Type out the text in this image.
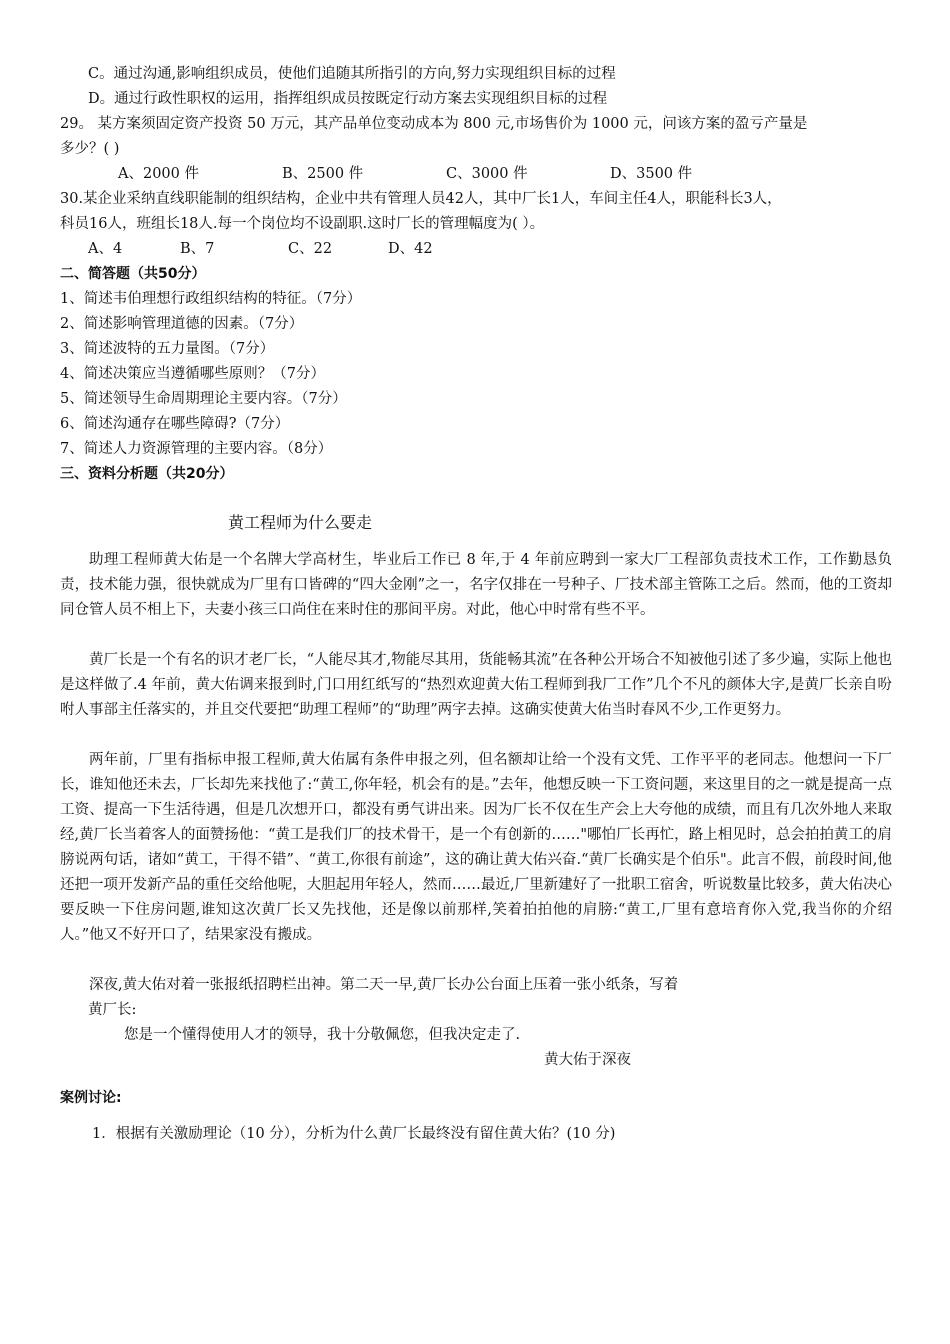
C。通过沟通,影响组织成员，使他们追随其所指引的方向,努力实现组织目标的过程
D。通过行政性职权的运用，指挥组织成员按既定行动方案去实现组织目标的过程
29。 某方案须固定资产投资 50 万元，其产品单位变动成本为 800 元,市场售价为 1000 元，问该方案的盈亏产量是
多少？( )
A、2000 件	B、2500 件	C、3000 件	D、3500 件
30.某企业采纳直线职能制的组织结构，企业中共有管理人员42人，其中厂长1人，车间主任4人，职能科长3人，
科员16人，班组长18人.每一个岗位均不设副职.这时厂长的管理幅度为( ）。
A、4	B、7	C、22	D、42
二、简答题（共50分）
1、简述韦伯理想行政组织结构的特征。（7分）
2、简述影响管理道德的因素。（7分）
3、简述波特的五力量图。（7分）
4、简述决策应当遵循哪些原则？（7分）
5、简述领导生命周期理论主要内容。（7分）
6、简述沟通存在哪些障碍?（7分）
7、简述人力资源管理的主要内容。（8分）
三、资料分析题（共20分）
黄工程师为什么要走
助理工程师黄大佑是一个名牌大学高材生，毕业后工作已 8 年,于 4 年前应聘到一家大厂工程部负责技术工作，工作勤恳负责，技术能力强，很快就成为厂里有口皆碑的“四大金刚”之一，名字仅排在一号种子、厂技术部主管陈工之后。然而，他的工资却同仓管人员不相上下，夫妻小孩三口尚住在来时住的那间平房。对此，他心中时常有些不平。
黄厂长是一个有名的识才老厂长，“人能尽其才,物能尽其用，货能畅其流”在各种公开场合不知被他引述了多少遍，实际上他也是这样做了.4 年前，黄大佑调来报到时,门口用红纸写的“热烈欢迎黄大佑工程师到我厂工作”几个不凡的颜体大字,是黄厂长亲自吩咐人事部主任落实的，并且交代要把“助理工程师”的“助理”两字去掉。这确实使黄大佑当时春风不少,工作更努力。
两年前，厂里有指标申报工程师,黄大佑属有条件申报之列，但名额却让给一个没有文凭、工作平平的老同志。他想问一下厂长，谁知他还未去，厂长却先来找他了:“黄工,你年轻，机会有的是。”去年，他想反映一下工资问题，来这里目的之一就是提高一点工资、提高一下生活待遇，但是几次想开口，都没有勇气讲出来。因为厂长不仅在生产会上大夸他的成绩，而且有几次外地人来取经,黄厂长当着客人的面赞扬他：“黄工是我们厂的技术骨干，是一个有创新的……"哪怕厂长再忙，路上相见时，总会拍拍黄工的肩膀说两句话，诸如“黄工，干得不错”、“黄工,你很有前途”，这的确让黄大佑兴奋.“黄厂长确实是个伯乐"。此言不假，前段时间,他还把一项开发新产品的重任交给他呢，大胆起用年轻人，然而……最近,厂里新建好了一批职工宿舍，听说数量比较多，黄大佑决心要反映一下住房问题,谁知这次黄厂长又先找他，还是像以前那样,笑着拍拍他的肩膀:“黄工,厂里有意培育你入党,我当你的介绍人。”他又不好开口了，结果家没有搬成。
深夜,黄大佑对着一张报纸招聘栏出神。第二天一早,黄厂长办公台面上压着一张小纸条，写着
黄厂长:
您是一个懂得使用人才的领导，我十分敬佩您，但我决定走了.
黄大佑于深夜
案例讨论:
1．根据有关激励理论（10 分），分析为什么黄厂长最终没有留住黄大佑？(10 分)
